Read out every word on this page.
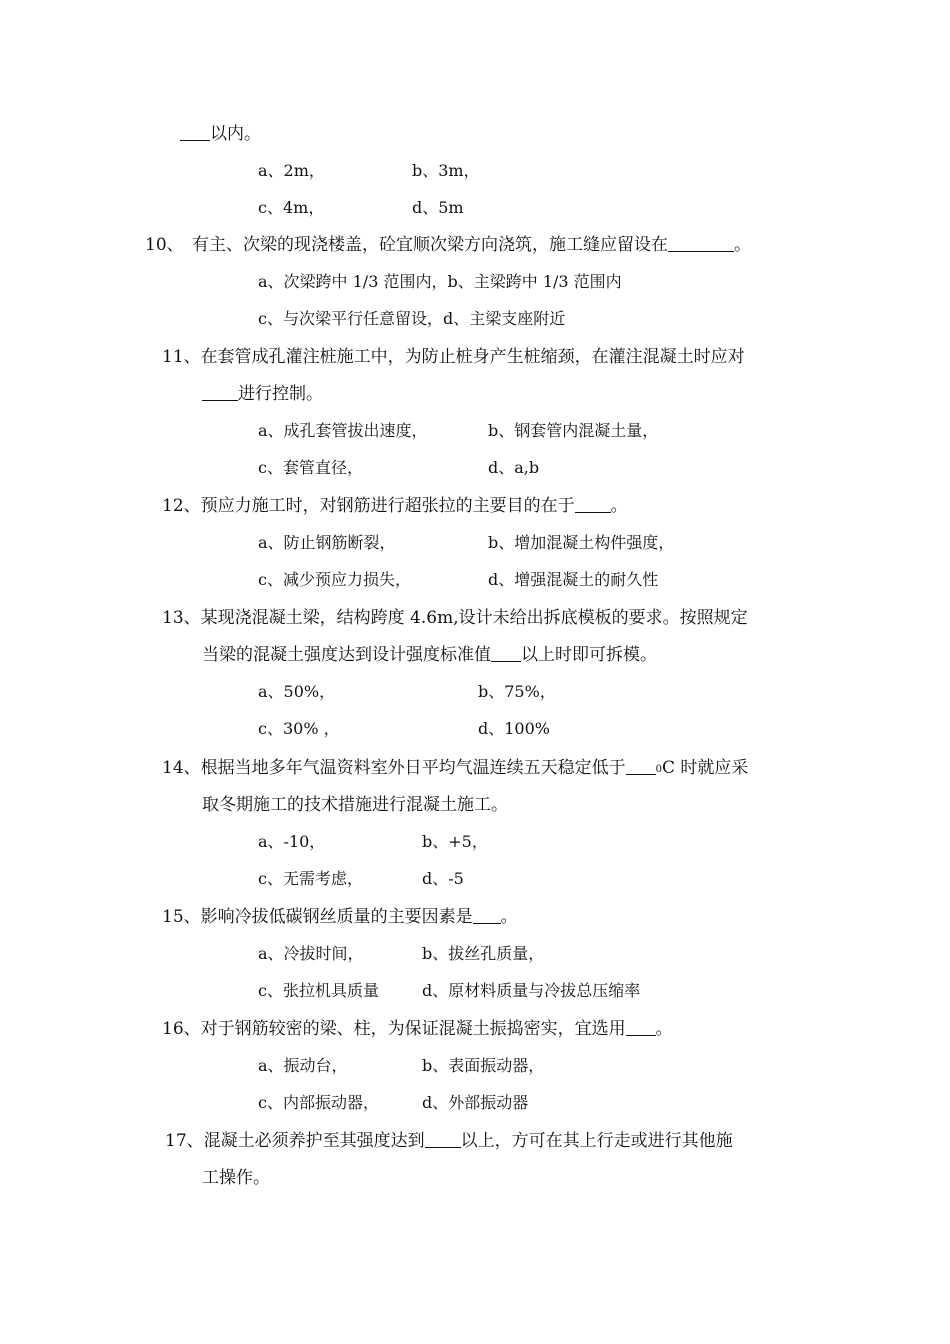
以内。
a、2m，	b、3m，
c、4m，	d、5m
10、 有主、次梁的现浇楼盖，砼宜顺次梁方向浇筑，施工缝应留设在	。
a、次梁跨中 1/3 范围内，b、主梁跨中 1/3 范围内
c、与次梁平行任意留设，d、主梁支座附近
11、在套管成孔灌注桩施工中，为防止桩身产生桩缩颈，在灌注混凝土时应对
进行控制。
a、成孔套管拔出速度，	b、钢套管内混凝土量，
c、套管直径，	d、a,b
12、预应力施工时，对钢筋进行超张拉的主要目的在于 。
a、防止钢筋断裂，	b、增加混凝土构件强度，
c、减少预应力损失，	d、增强混凝土的耐久性
13、某现浇混凝土梁，结构跨度 4.6m,设计未给出拆底模板的要求。按照规定
当梁的混凝土强度达到设计强度标准值 以上时即可拆模。
a、50%，	b、75%，
c、30% ，	d、100%
14、根据当地多年气温资料室外日平均气温连续五天稳定低于	0C 时就应采
取冬期施工的技术措施进行混凝土施工。
a、-10，	b、+5，
c、无需考虑，	d、-5
15、影响冷拔低碳钢丝质量的主要因素是 。
a、冷拔时间，	b、拔丝孔质量，
c、张拉机具质量	d、原材料质量与冷拔总压缩率
16、对于钢筋较密的梁、柱，为保证混凝土振捣密实，宜选用 。
a、振动台，	b、表面振动器，
c、内部振动器，	d、外部振动器
17、混凝土必须养护至其强度达到 以上，方可在其上行走或进行其他施
工操作。
